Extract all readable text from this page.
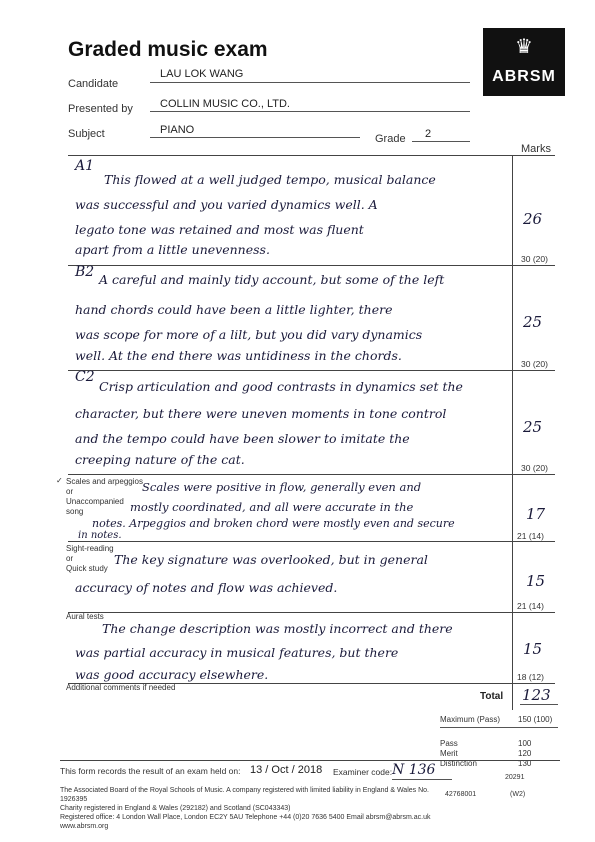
Graded music exam	♛
ABRSM
Candidate
LAU LOK WANG
Presented by COLLIN MUSIC CO., LTD.
Subject	PIANO
Grade 2
Marks
A1
This flowed at a well judged tempo, musical balance
was successful and you varied dynamics well. A
legato tone was retained and most was fluent
apart from a little unevenness.
26
30 (20)
B2 A careful and mainly tidy account, but some of the left
hand chords could have been a little lighter, there
was scope for more of a lilt, but you did vary dynamics
well. At the end there was untidiness in the chords.
25
30 (20)
C2
Crisp articulation and good contrasts in dynamics set the
character, but there were uneven moments in tone control
and the tempo could have been slower to imitate the
creeping nature of the cat.
25
30 (20)
✓ Scales and arpeggios
or
Unaccompanied
song
Scales were positive in flow, generally even and
mostly coordinated, and all were accurate in the
notes. Arpeggios and broken chord were mostly even and secure
in notes.
17
21 (14)
Sight-reading
or
Quick study
The key signature was overlooked, but in general
accuracy of notes and flow was achieved.	15
21 (14)
Aural tests
The change description was mostly incorrect and there
was partial accuracy in musical features, but there
was good accuracy elsewhere.
15
18 (12)
Additional comments if needed
Total 123
Maximum (Pass)	150 (100)

Pass	100
Merit	120
Distinction	130
This form records the result of an exam held on: 13 / Oct / 2018 Examiner code: N 136	20291
The Associated Board of the Royal Schools of Music. A company registered with limited liability in England & Wales No. 1926395
Charity registered in England & Wales (292182) and Scotland (SC043343)
Registered office: 4 London Wall Place, London EC2Y 5AU Telephone +44 (0)20 7636 5400 Email abrsm@abrsm.ac.uk www.abrsm.org
42768001	(W2)
